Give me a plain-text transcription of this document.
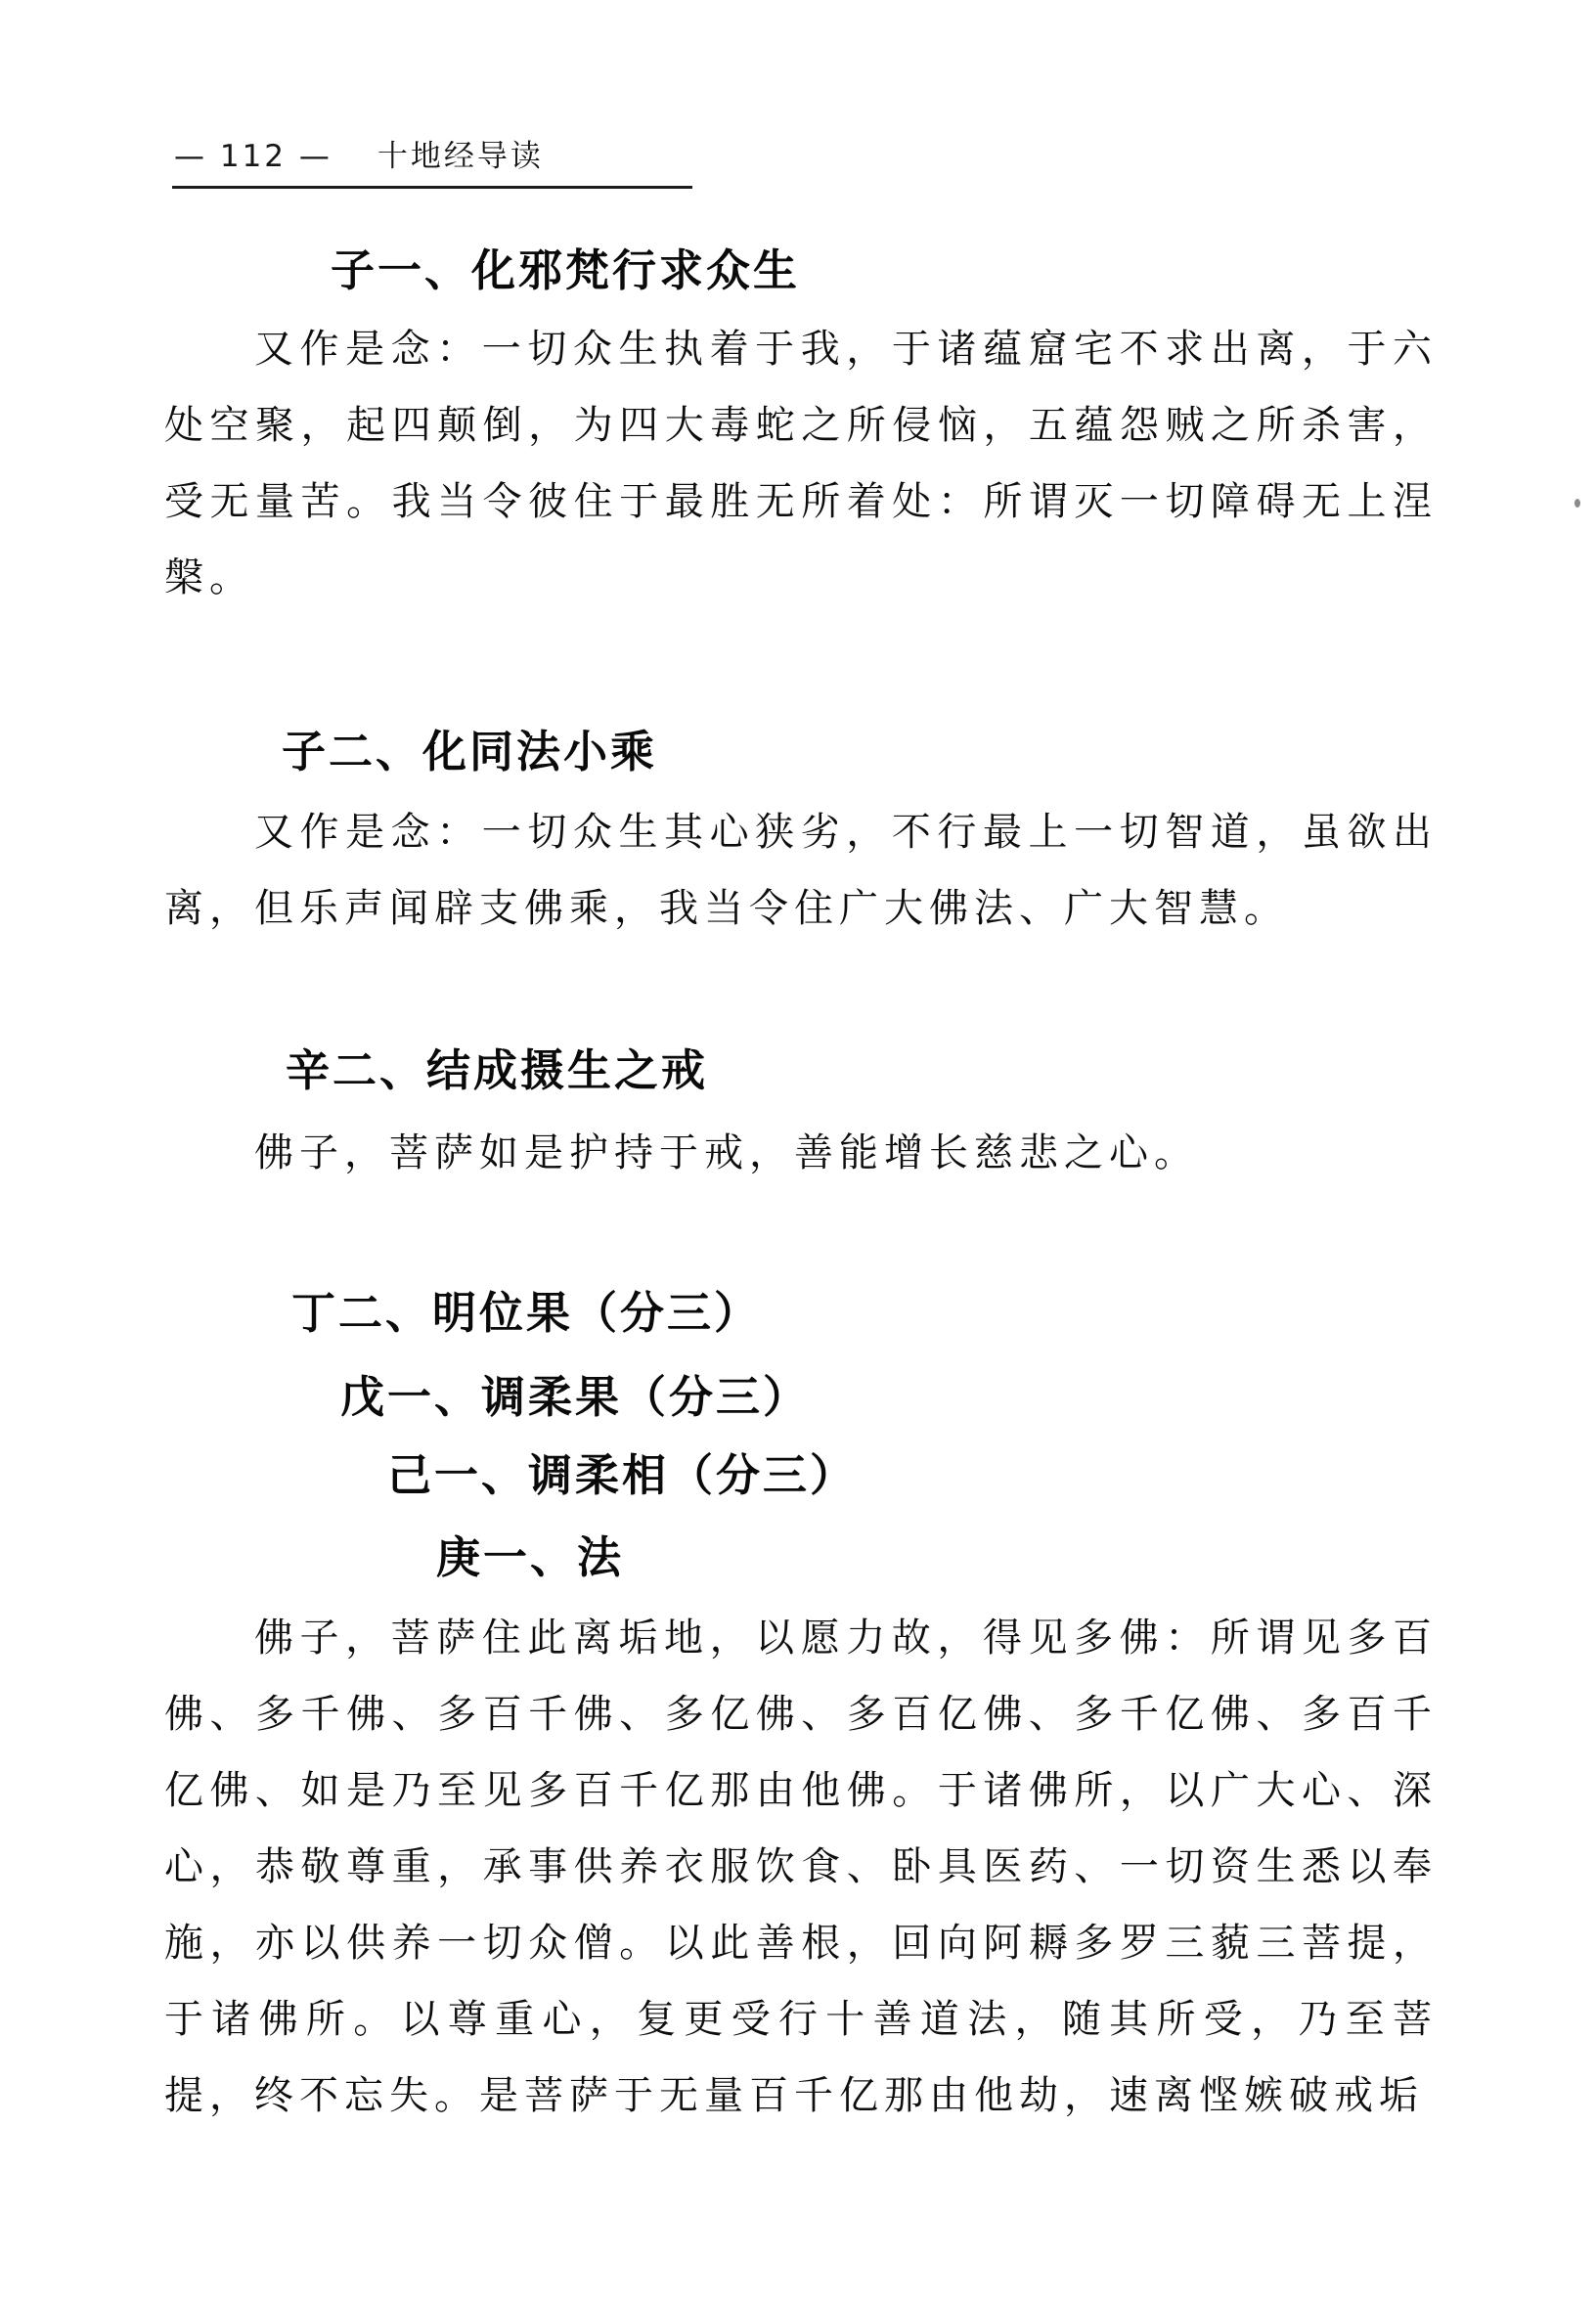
— 112 — 十地经导读
子一、化邪梵行求众生

又作是念：一切众生执着于我，于诸蕴窟宅不求出离，于六处空聚，起四颠倒，为四大毒蛇之所侵恼，五蕴怨贼之所杀害，受无量苦。我当令彼住于最胜无所着处：所谓灭一切障碍无上涅槃。

子二、化同法小乘

又作是念：一切众生其心狭劣，不行最上一切智道，虽欲出离，但乐声闻辟支佛乘，我当令住广大佛法、广大智慧。

辛二、结成摄生之戒

佛子，菩萨如是护持于戒，善能增长慈悲之心。

丁二、明位果（分三）
戊一、调柔果（分三）
己一、调柔相（分三）
庚一、法

佛子，菩萨住此离垢地，以愿力故，得见多佛：所谓见多百佛、多千佛、多百千佛、多亿佛、多百亿佛、多千亿佛、多百千亿佛、如是乃至见多百千亿那由他佛。于诸佛所，以广大心、深心，恭敬尊重，承事供养衣服饮食、卧具医药、一切资生悉以奉施，亦以供养一切众僧。以此善根，回向阿耨多罗三藐三菩提，于诸佛所。以尊重心，复更受行十善道法，随其所受，乃至菩提，终不忘失。是菩萨于无量百千亿那由他劫，速离悭嫉破戒垢
